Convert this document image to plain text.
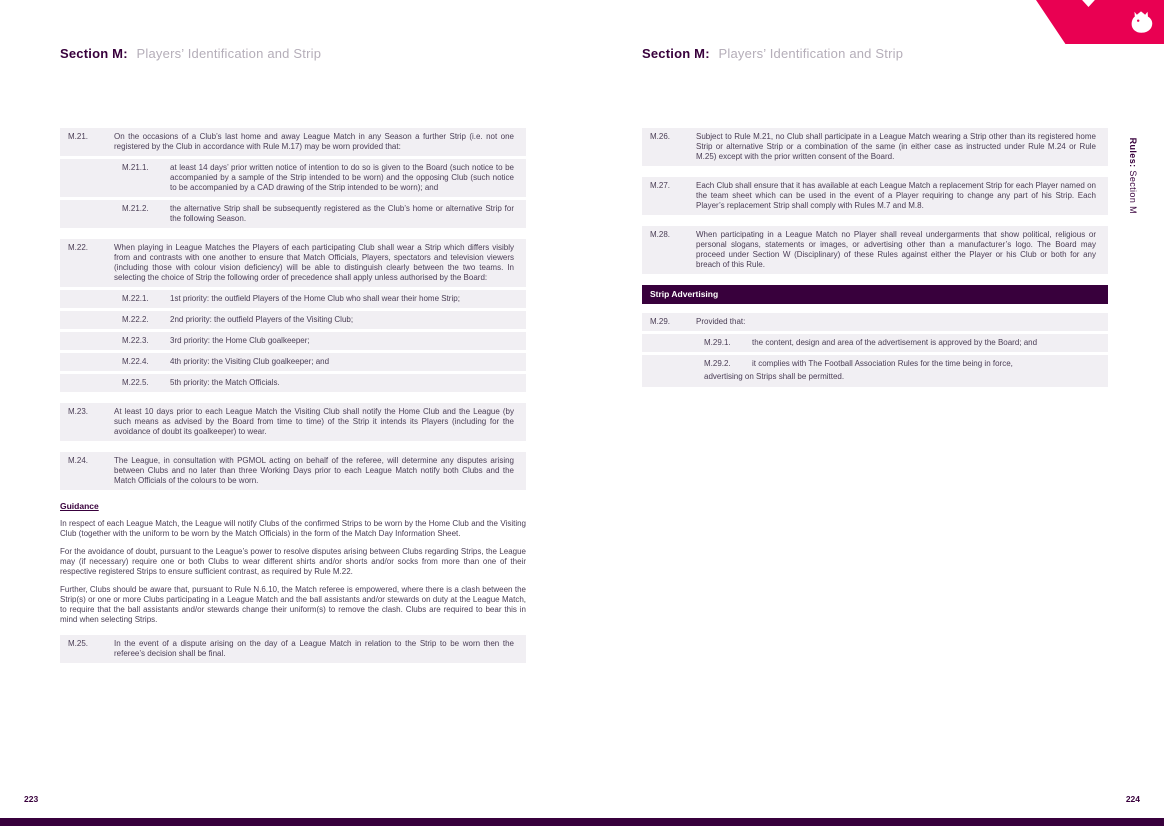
Rules: Section M

Section M: Players’ Identification and Strip
M.21.	On the occasions of a Club’s last home and away League Match in any Season a further Strip (i.e. not one registered by the Club in accordance with Rule M.17) may be worn provided that:
M.21.1.	at least 14 days’ prior written notice of intention to do so is given to the Board (such notice to be accompanied by a sample of the Strip intended to be worn) and the opposing Club (such notice to be accompanied by a CAD drawing of the Strip intended to be worn); and
M.21.2.	the alternative Strip shall be subsequently registered as the Club’s home or alternative Strip for the following Season.
M.22.	When playing in League Matches the Players of each participating Club shall wear a Strip which differs visibly from and contrasts with one another to ensure that Match Officials, Players, spectators and television viewers (including those with colour vision deficiency) will be able to distinguish clearly between the two teams. In selecting the choice of Strip the following order of precedence shall apply unless authorised by the Board:
M.22.1.	1st priority: the outfield Players of the Home Club who shall wear their home Strip;
M.22.2.	2nd priority: the outfield Players of the Visiting Club;
M.22.3.	3rd priority: the Home Club goalkeeper;
M.22.4.	4th priority: the Visiting Club goalkeeper; and
M.22.5.	5th priority: the Match Officials.
M.23.	At least 10 days prior to each League Match the Visiting Club shall notify the Home Club and the League (by such means as advised by the Board from time to time) of the Strip it intends its Players (including for the avoidance of doubt its goalkeeper) to wear.
M.24.	The League, in consultation with PGMOL acting on behalf of the referee, will determine any disputes arising between Clubs and no later than three Working Days prior to each League Match notify both Clubs and the Match Officials of the colours to be worn.
Guidance

In respect of each League Match, the League will notify Clubs of the confirmed Strips to be worn by the Home Club and the Visiting Club (together with the uniform to be worn by the Match Officials) in the form of the Match Day Information Sheet.

For the avoidance of doubt, pursuant to the League’s power to resolve disputes arising between Clubs regarding Strips, the League may (if necessary) require one or both Clubs to wear different shirts and/or shorts and/or socks from more than one of their respective registered Strips to ensure sufficient contrast, as required by Rule M.22.

Further, Clubs should be aware that, pursuant to Rule N.6.10, the Match referee is empowered, where there is a clash between the Strip(s) or one or more Clubs participating in a League Match and the ball assistants and/or stewards on duty at the League Match, to require that the ball assistants and/or stewards change their uniform(s) to remove the clash. Clubs are required to bear this in mind when selecting Strips.

M.25.	In the event of a dispute arising on the day of a League Match in relation to the Strip to be worn then the referee’s decision shall be final.
223
Section M: Players’ Identification and Strip
M.26.	Subject to Rule M.21, no Club shall participate in a League Match wearing a Strip other than its registered home Strip or alternative Strip or a combination of the same (in either case as instructed under Rule M.24 or Rule M.25) except with the prior written consent of the Board.
M.27.	Each Club shall ensure that it has available at each League Match a replacement Strip for each Player named on the team sheet which can be used in the event of a Player requiring to change any part of his Strip. Each Player’s replacement Strip shall comply with Rules M.7 and M.8.
M.28.	When participating in a League Match no Player shall reveal undergarments that show political, religious or personal slogans, statements or images, or advertising other than a manufacturer’s logo. The Board may proceed under Section W (Disciplinary) of these Rules against either the Player or his Club or both for any breach of this Rule.
Strip Advertising
M.29.	Provided that:
M.29.1.	the content, design and area of the advertisement is approved by the Board; and
M.29.2.	it complies with The Football Association Rules for the time being in force,
advertising on Strips shall be permitted.
224
